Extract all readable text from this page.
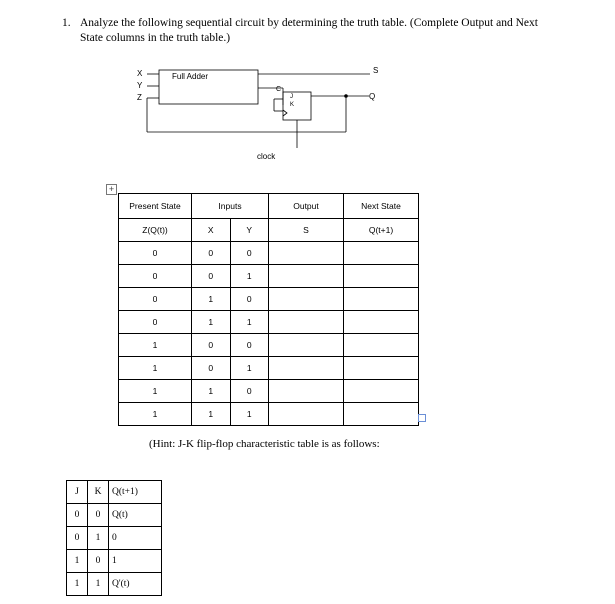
1. Analyze the following sequential circuit by determining the truth table. (Complete Output and Next State columns in the truth table.)
X
Y
Z
Full Adder
S
Q
C
J
K
clock
+
Present State	Inputs		Output	Next State
Z(Q(t))	X	Y	S	Q(t+1)
0	0	0		
0	0	1		
0	1	0		
0	1	1		
1	0	0		
1	0	1		
1	1	0		
1	1	1		
(Hint: J-K flip-flop characteristic table is as follows:
J	K	Q(t+1)
0	0	Q(t)
0	1	0
1	0	1
1	1	Q'(t)
